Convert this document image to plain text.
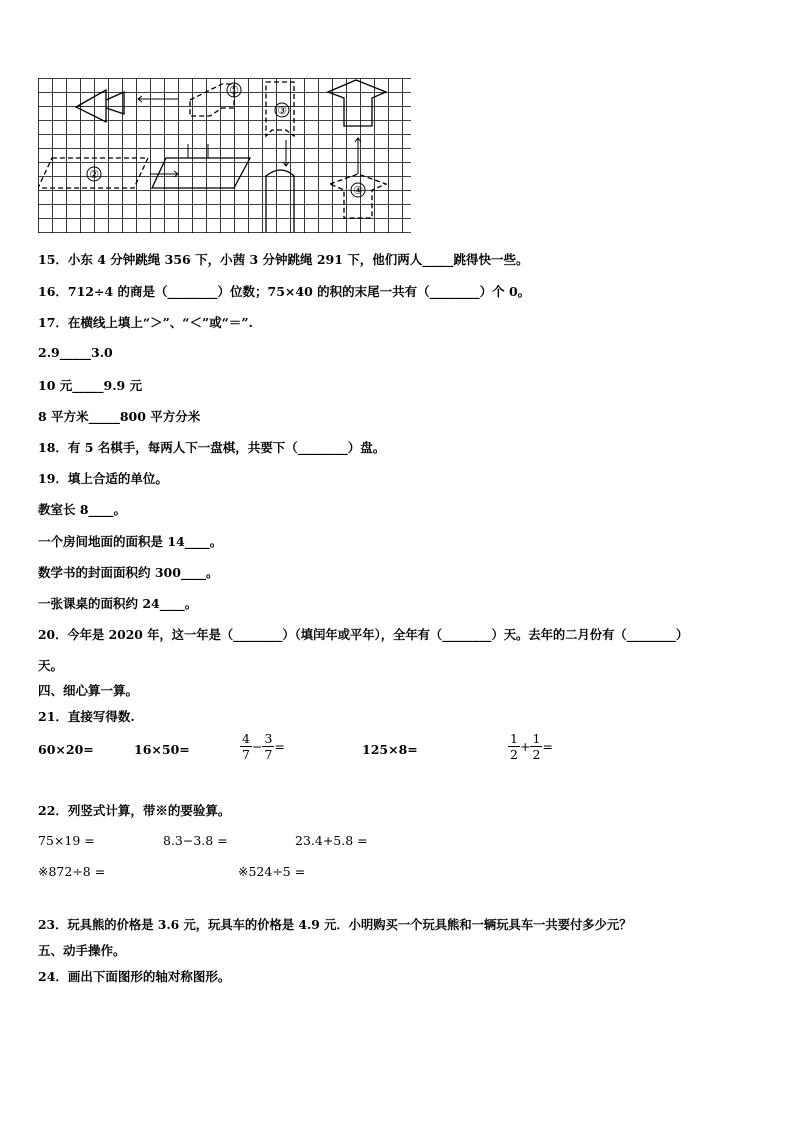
①
②
③
④
15．小东 4 分钟跳绳 356 下，小茜 3 分钟跳绳 291 下，他们两人_____跳得快一些。
16．712÷4 的商是（________）位数；75×40 的积的末尾一共有（________）个 0。
17．在横线上填上“＞”、“＜”或“＝”.
2.9_____3.0
10 元_____9.9 元
8 平方米_____800 平方分米
18．有 5 名棋手，每两人下一盘棋，共要下（________）盘。
19．填上合适的单位。
教室长 8____。
一个房间地面的面积是 14____。
数学书的封面面积约 300____。
一张课桌的面积约 24____。
20．今年是 2020 年，这一年是（________）（填闰年或平年），全年有（________）天。去年的二月份有（________）
天。
四、细心算一算。
21．直接写得数.
60×20=	16×50=	$\frac{4}{7} - \frac{3}{7}$ =	125×8=	$\frac{1}{2} + \frac{1}{2}$ =
22．列竖式计算，带※的要验算。
75×19 =	8.3−3.8 =	23.4+5.8 =
※872÷8 =	※524÷5 =
23．玩具熊的价格是 3.6 元，玩具车的价格是 4.9 元．小明购买一个玩具熊和一辆玩具车一共要付多少元？
五、动手操作。
24．画出下面图形的轴对称图形。
